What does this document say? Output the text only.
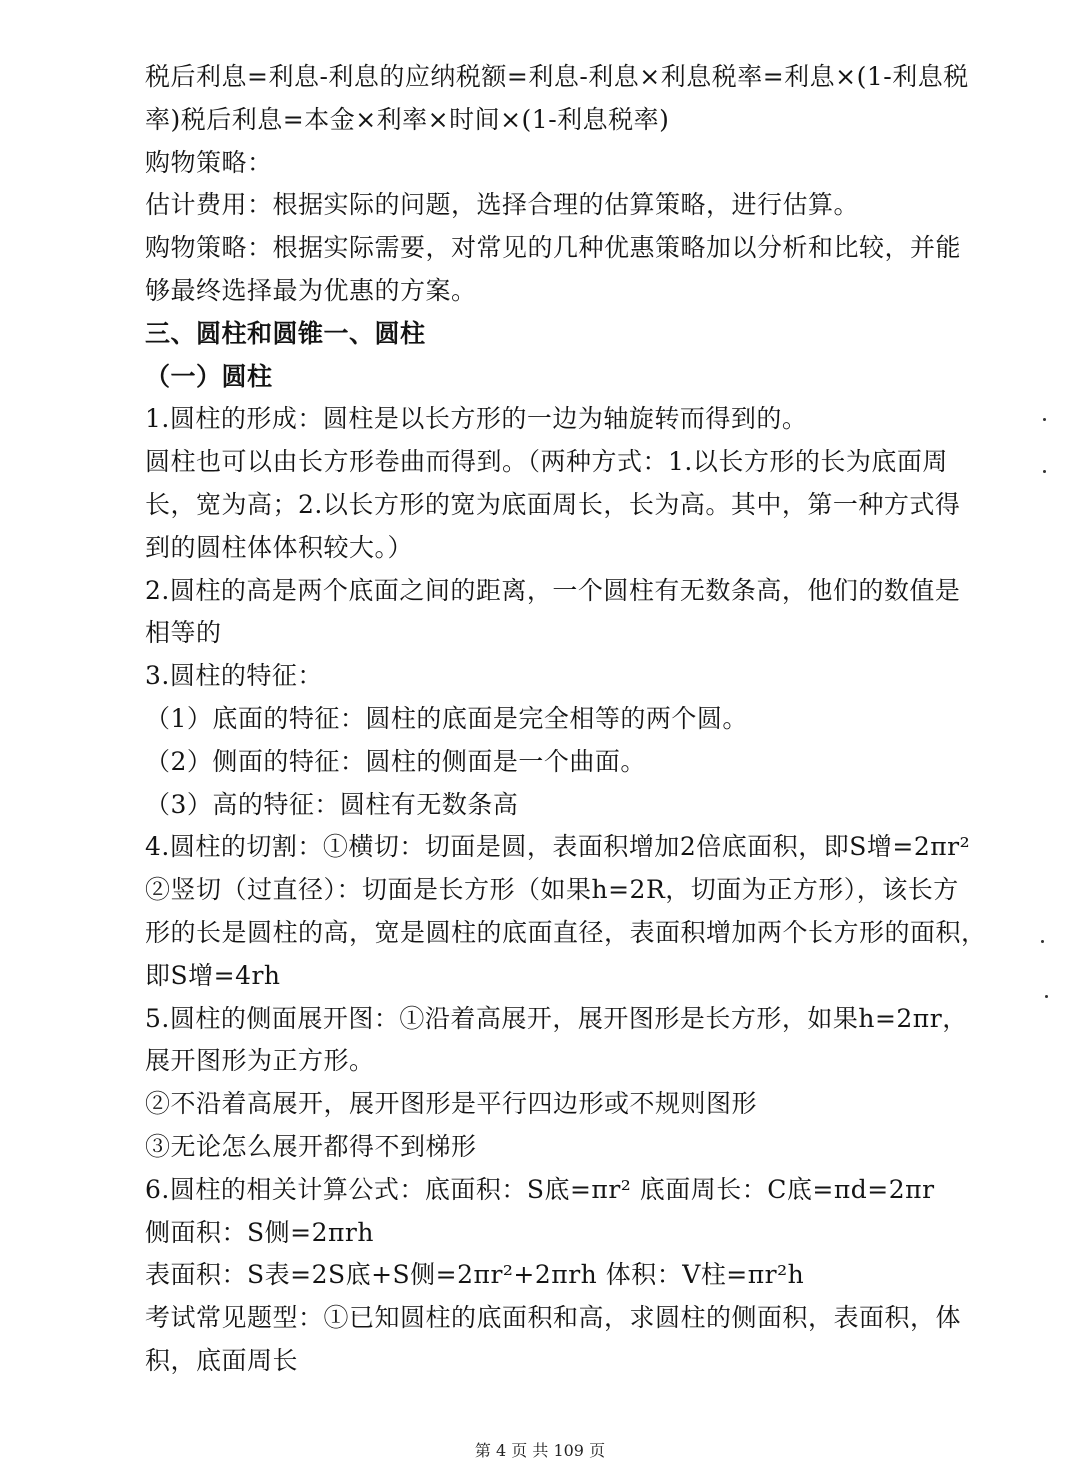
税后利息=利息-利息的应纳税额=利息-利息×利息税率=利息×(1-利息税
率)税后利息=本金×利率×时间×(1-利息税率)
购物策略：
估计费用：根据实际的问题，选择合理的估算策略，进行估算。
购物策略：根据实际需要，对常见的几种优惠策略加以分析和比较，并能
够最终选择最为优惠的方案。
三、圆柱和圆锥一、圆柱
（一）圆柱
1.圆柱的形成：圆柱是以长方形的一边为轴旋转而得到的。
圆柱也可以由长方形卷曲而得到。（两种方式：1.以长方形的长为底面周
长，宽为高；2.以长方形的宽为底面周长，长为高。其中，第一种方式得
到的圆柱体体积较大。）
2.圆柱的高是两个底面之间的距离，一个圆柱有无数条高，他们的数值是
相等的
3.圆柱的特征：
（1）底面的特征：圆柱的底面是完全相等的两个圆。
（2）侧面的特征：圆柱的侧面是一个曲面。
（3）高的特征：圆柱有无数条高
4.圆柱的切割：①横切：切面是圆，表面积增加2倍底面积，即S增=2πr²
②竖切（过直径）：切面是长方形（如果h=2R，切面为正方形），该长方
形的长是圆柱的高，宽是圆柱的底面直径，表面积增加两个长方形的面积，
即S增=4rh
5.圆柱的侧面展开图：①沿着高展开，展开图形是长方形，如果h=2πr，
展开图形为正方形。
②不沿着高展开，展开图形是平行四边形或不规则图形
③无论怎么展开都得不到梯形
6.圆柱的相关计算公式：底面积：S底=πr² 底面周长：C底=πd=2πr
侧面积：S侧=2πrh
表面积：S表=2S底+S侧=2πr²+2πrh 体积：V柱=πr²h
考试常见题型：①已知圆柱的底面积和高，求圆柱的侧面积，表面积，体
积，底面周长
第 4 页 共 109 页
